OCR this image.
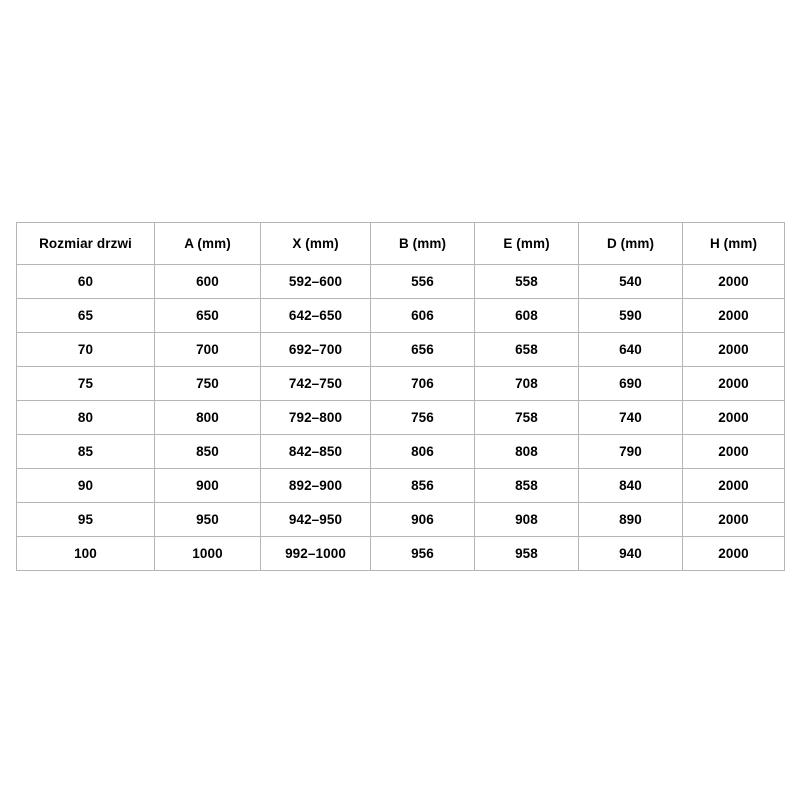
Rozmiar drzwi	A (mm)	X (mm)	B (mm)	E (mm)	D (mm)	H (mm)
60	600	592–600	556	558	540	2000
65	650	642–650	606	608	590	2000
70	700	692–700	656	658	640	2000
75	750	742–750	706	708	690	2000
80	800	792–800	756	758	740	2000
85	850	842–850	806	808	790	2000
90	900	892–900	856	858	840	2000
95	950	942–950	906	908	890	2000
100	1000	992–1000	956	958	940	2000
